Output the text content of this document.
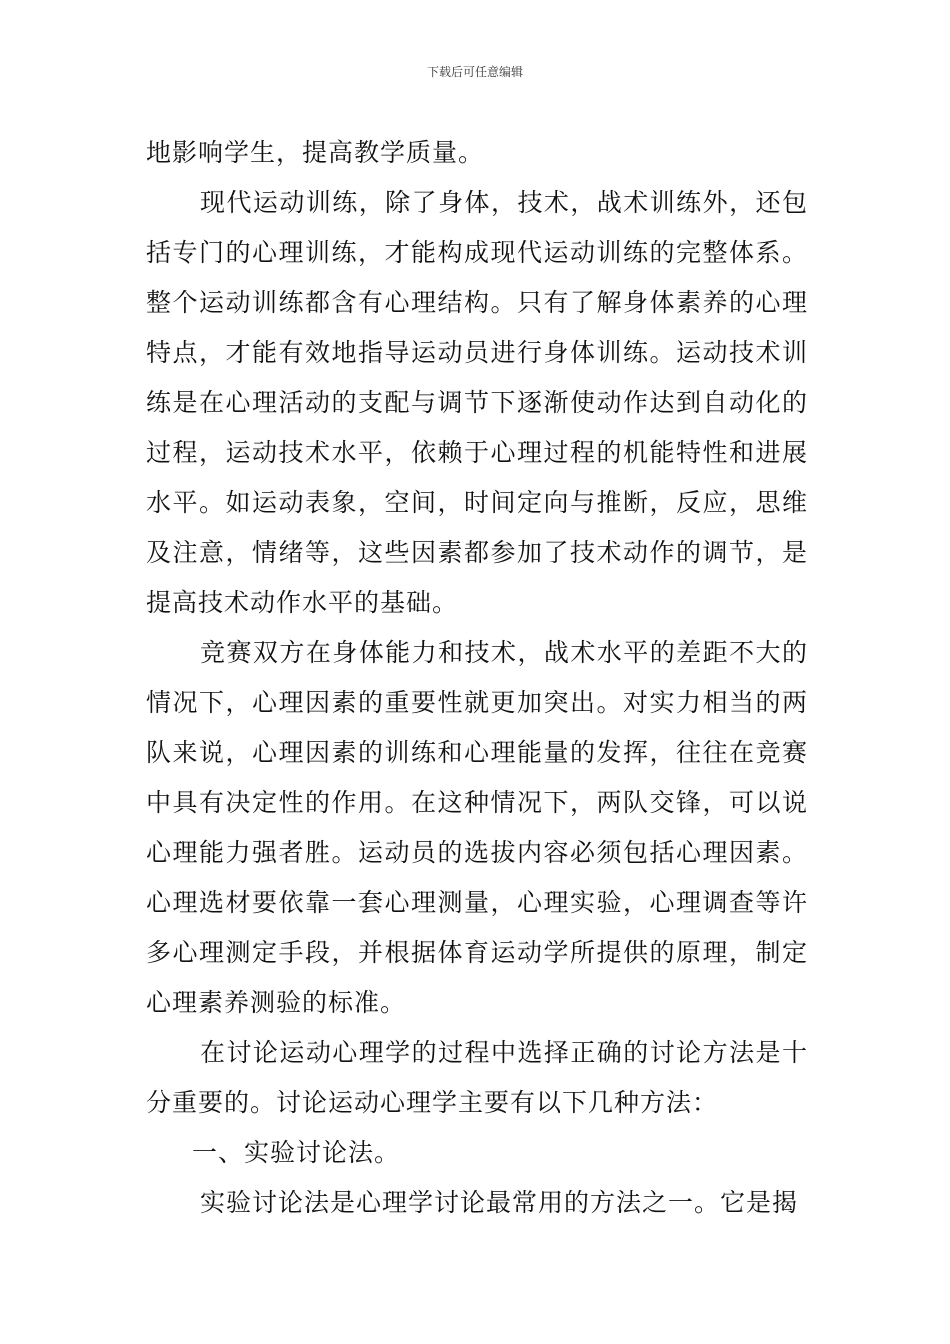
下载后可任意编辑

地影响学生，提高教学质量。

现代运动训练，除了身体，技术，战术训练外，还包括专门的心理训练，才能构成现代运动训练的完整体系。整个运动训练都含有心理结构。只有了解身体素养的心理特点，才能有效地指导运动员进行身体训练。运动技术训练是在心理活动的支配与调节下逐渐使动作达到自动化的过程，运动技术水平，依赖于心理过程的机能特性和进展水平。如运动表象，空间，时间定向与推断，反应，思维及注意，情绪等，这些因素都参加了技术动作的调节，是提高技术动作水平的基础。

竞赛双方在身体能力和技术，战术水平的差距不大的情况下，心理因素的重要性就更加突出。对实力相当的两队来说，心理因素的训练和心理能量的发挥，往往在竞赛中具有决定性的作用。在这种情况下，两队交锋，可以说心理能力强者胜。运动员的选拔内容必须包括心理因素。心理选材要依靠一套心理测量，心理实验，心理调查等许多心理测定手段，并根据体育运动学所提供的原理，制定心理素养测验的标准。

在讨论运动心理学的过程中选择正确的讨论方法是十分重要的。讨论运动心理学主要有以下几种方法：

一、实验讨论法。

实验讨论法是心理学讨论最常用的方法之一。它是揭
